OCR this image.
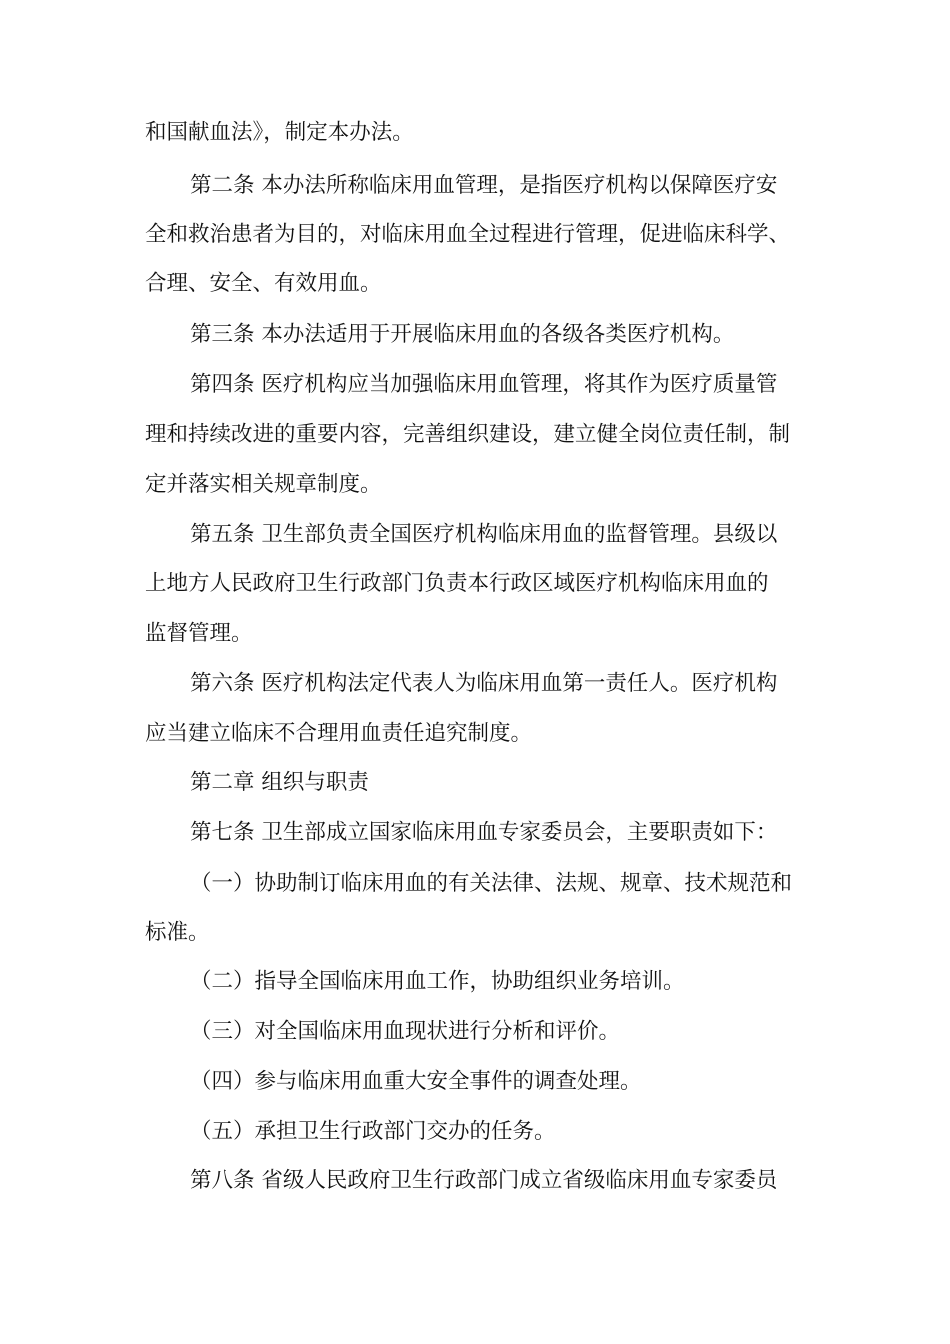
和国献血法》，制定本办法。
第二条 本办法所称临床用血管理，是指医疗机构以保障医疗安
全和救治患者为目的，对临床用血全过程进行管理，促进临床科学、
合理、安全、有效用血。
第三条 本办法适用于开展临床用血的各级各类医疗机构。
第四条 医疗机构应当加强临床用血管理，将其作为医疗质量管
理和持续改进的重要内容，完善组织建设，建立健全岗位责任制，制
定并落实相关规章制度。
第五条 卫生部负责全国医疗机构临床用血的监督管理。县级以
上地方人民政府卫生行政部门负责本行政区域医疗机构临床用血的
监督管理。
第六条 医疗机构法定代表人为临床用血第一责任人。医疗机构
应当建立临床不合理用血责任追究制度。
第二章 组织与职责
第七条 卫生部成立国家临床用血专家委员会，主要职责如下：
（一）协助制订临床用血的有关法律、法规、规章、技术规范和
标准。
（二）指导全国临床用血工作，协助组织业务培训。
（三）对全国临床用血现状进行分析和评价。
（四）参与临床用血重大安全事件的调查处理。
（五）承担卫生行政部门交办的任务。
第八条 省级人民政府卫生行政部门成立省级临床用血专家委员
